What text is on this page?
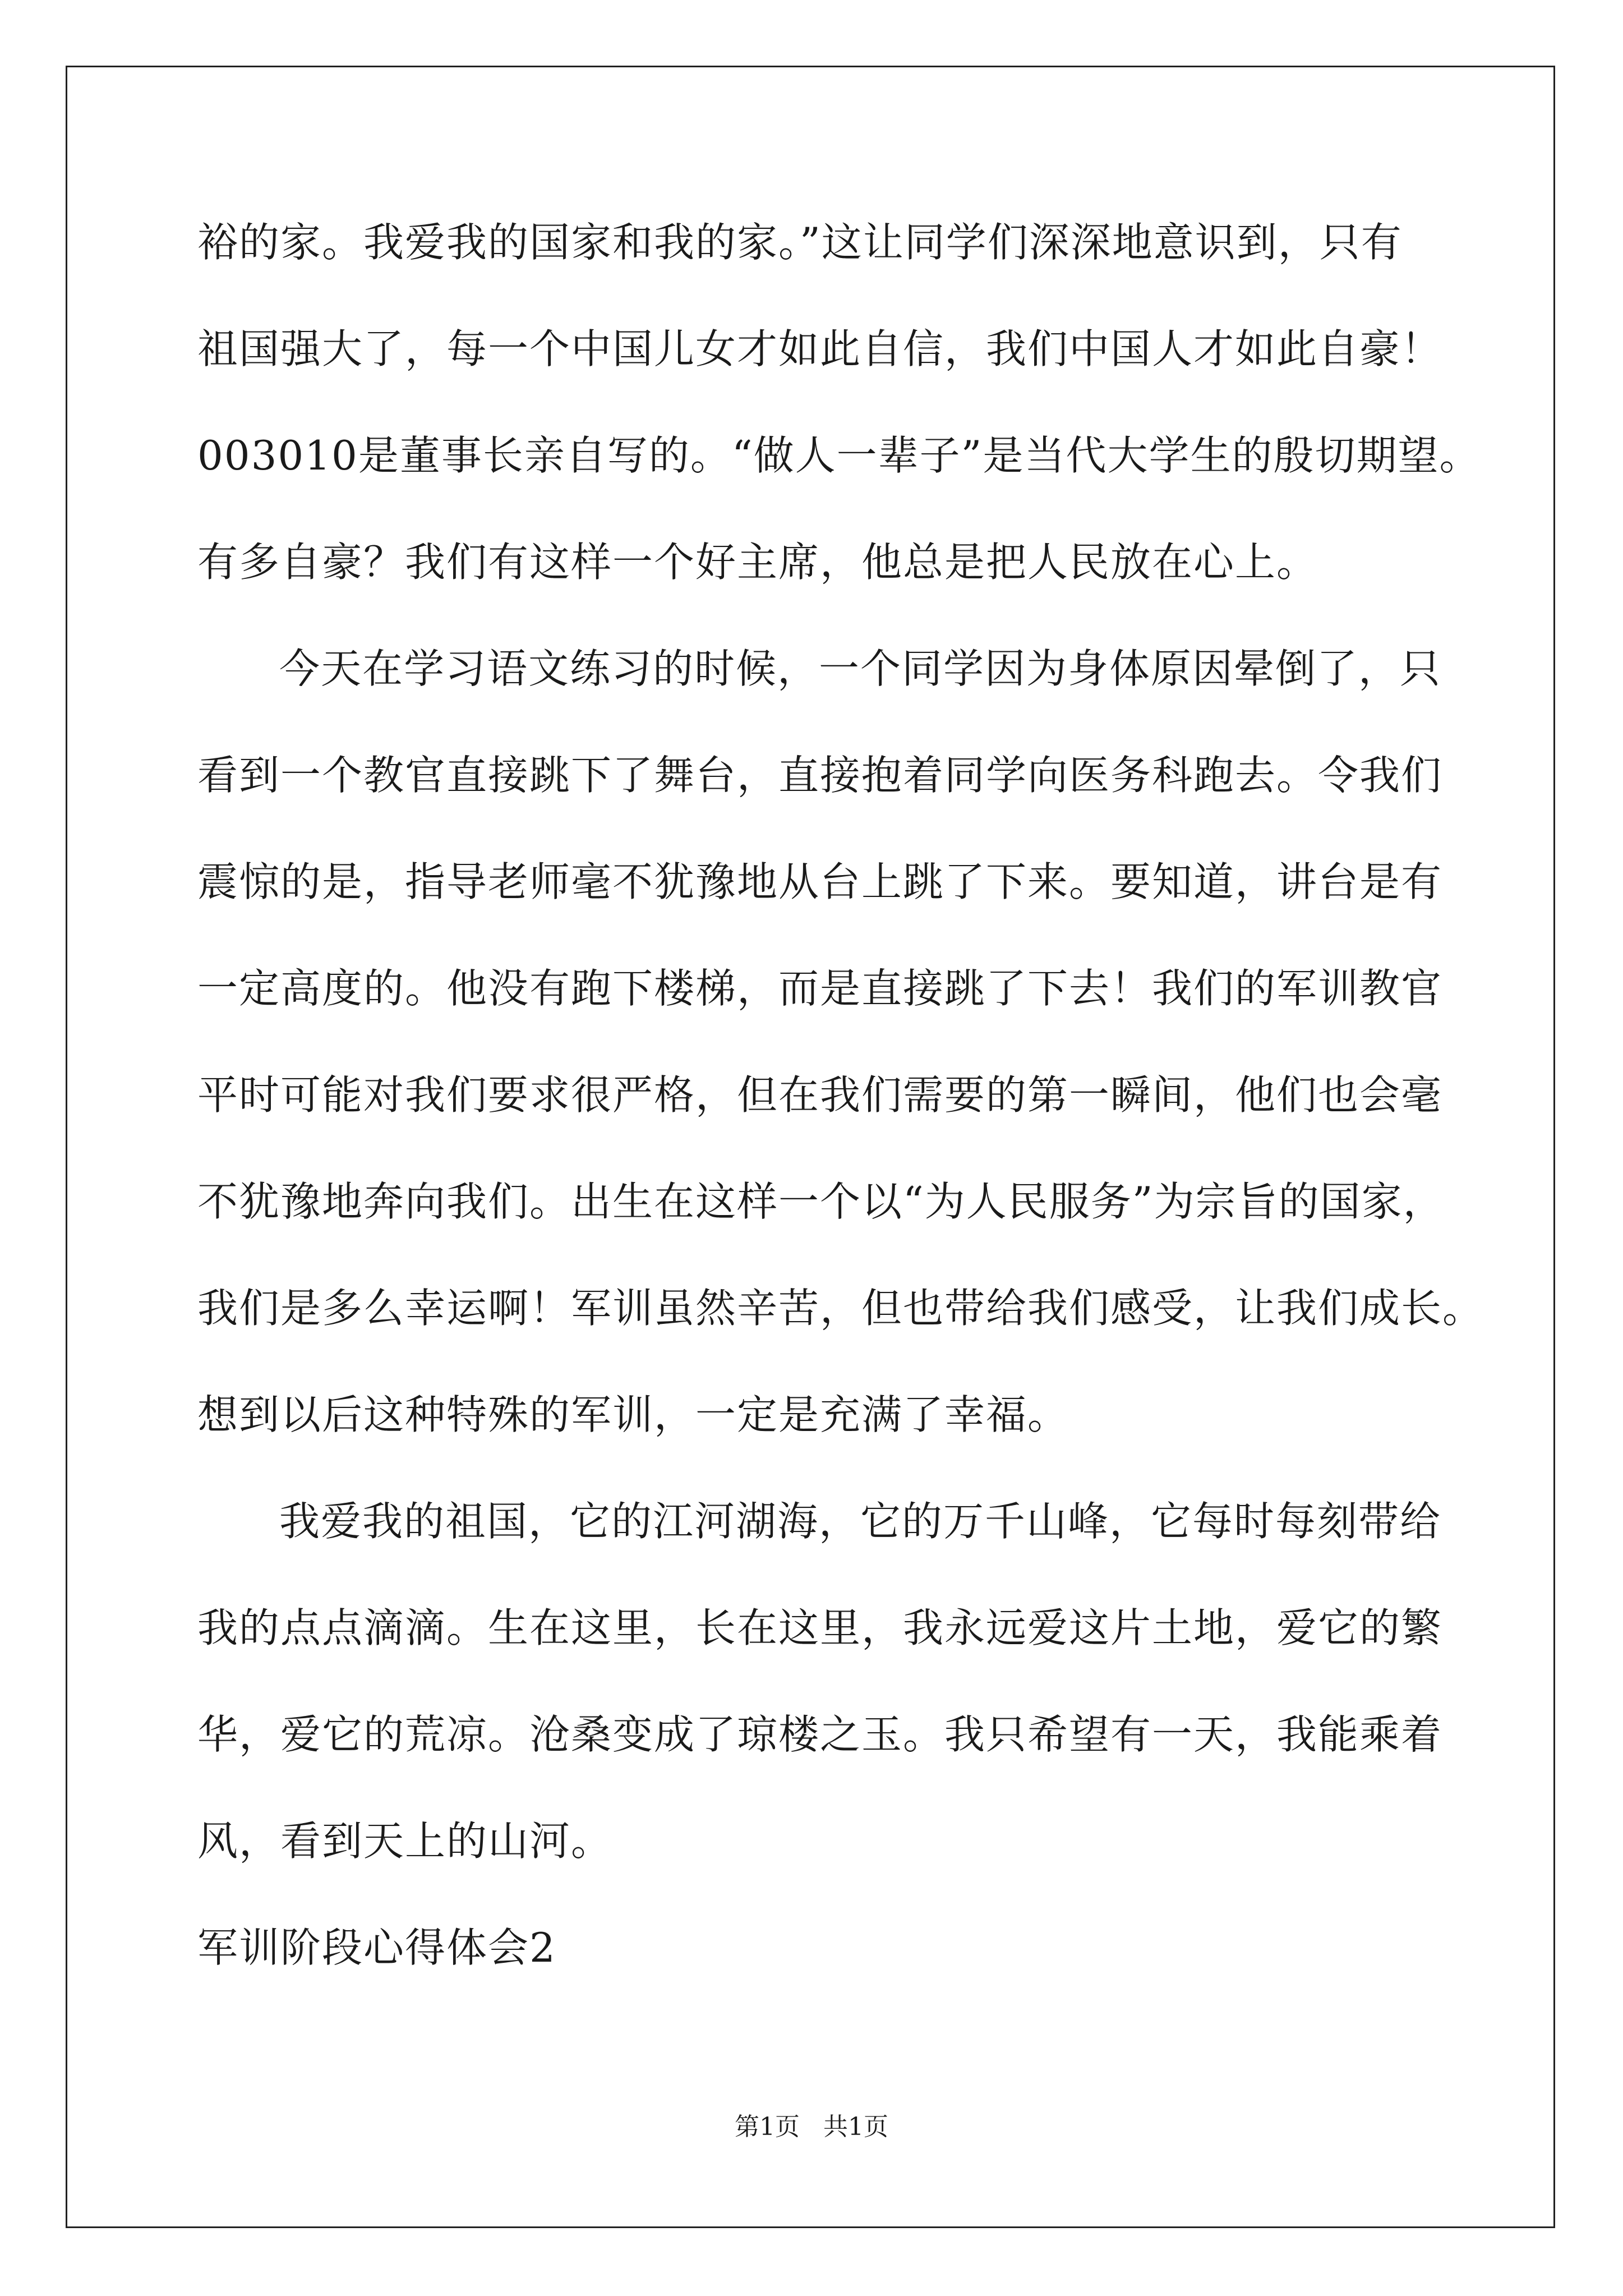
裕的家。我爱我的国家和我的家。”这让同学们深深地意识到，只有
祖国强大了，每一个中国儿女才如此自信，我们中国人才如此自豪！
003010是董事长亲自写的。“做人一辈子”是当代大学生的殷切期望。
有多自豪？我们有这样一个好主席，他总是把人民放在心上。
今天在学习语文练习的时候，一个同学因为身体原因晕倒了，只
看到一个教官直接跳下了舞台，直接抱着同学向医务科跑去。令我们
震惊的是，指导老师毫不犹豫地从台上跳了下来。要知道，讲台是有
一定高度的。他没有跑下楼梯，而是直接跳了下去！我们的军训教官
平时可能对我们要求很严格，但在我们需要的第一瞬间，他们也会毫
不犹豫地奔向我们。出生在这样一个以“为人民服务”为宗旨的国家，
我们是多么幸运啊！军训虽然辛苦，但也带给我们感受，让我们成长。
想到以后这种特殊的军训，一定是充满了幸福。
我爱我的祖国，它的江河湖海，它的万千山峰，它每时每刻带给
我的点点滴滴。生在这里，长在这里，我永远爱这片土地，爱它的繁
华，爱它的荒凉。沧桑变成了琼楼之玉。我只希望有一天，我能乘着
风，看到天上的山河。
军训阶段心得体会2
第1页   共1页
